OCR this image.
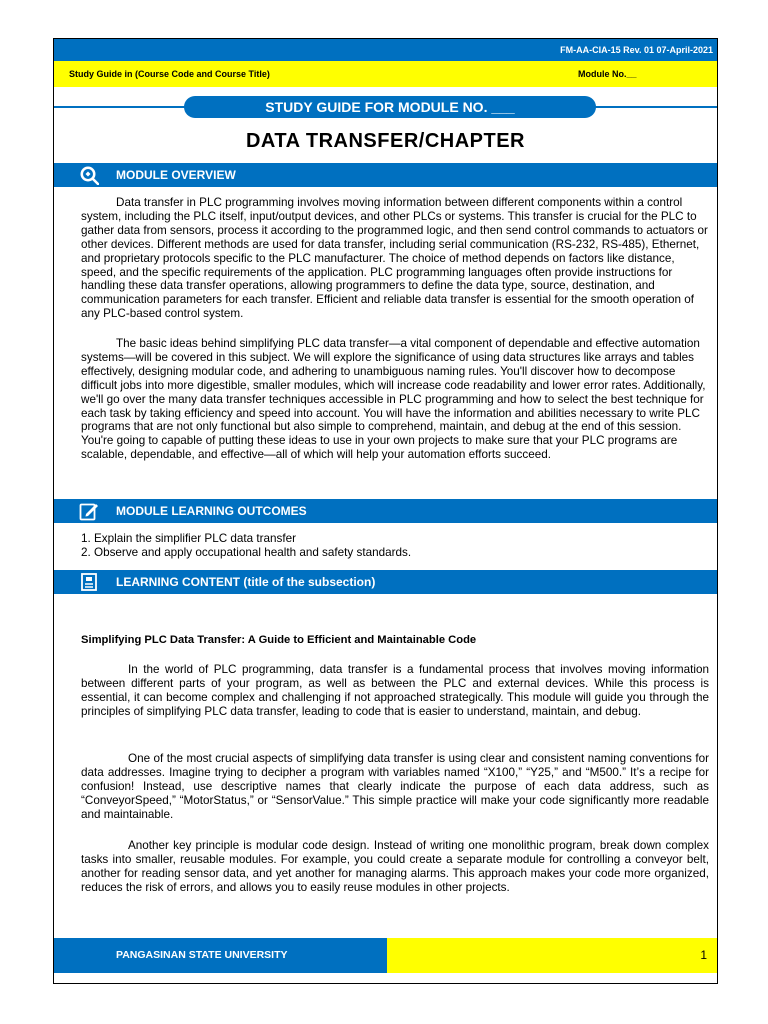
FM-AA-CIA-15 Rev. 01 07-April-2021
Study Guide in (Course Code and Course Title)	Module No.__
STUDY GUIDE FOR MODULE NO. ___
DATA TRANSFER/CHAPTER
MODULE OVERVIEW

Data transfer in PLC programming involves moving information between different components within a control system, including the PLC itself, input/output devices, and other PLCs or systems. This transfer is crucial for the PLC to gather data from sensors, process it according to the programmed logic, and then send control commands to actuators or other devices. Different methods are used for data transfer, including serial communication (RS-232, RS-485), Ethernet, and proprietary protocols specific to the PLC manufacturer. The choice of method depends on factors like distance, speed, and the specific requirements of the application. PLC programming languages often provide instructions for handling these data transfer operations, allowing programmers to define the data type, source, destination, and communication parameters for each transfer. Efficient and reliable data transfer is essential for the smooth operation of any PLC-based control system.

The basic ideas behind simplifying PLC data transfer—a vital component of dependable and effective automation systems—will be covered in this subject. We will explore the significance of using data structures like arrays and tables effectively, designing modular code, and adhering to unambiguous naming rules. You'll discover how to decompose difficult jobs into more digestible, smaller modules, which will increase code readability and lower error rates. Additionally, we'll go over the many data transfer techniques accessible in PLC programming and how to select the best technique for each task by taking efficiency and speed into account. You will have the information and abilities necessary to write PLC programs that are not only functional but also simple to comprehend, maintain, and debug at the end of this session. You're going to capable of putting these ideas to use in your own projects to make sure that your PLC programs are scalable, dependable, and effective—all of which will help your automation efforts succeed.

MODULE LEARNING OUTCOMES
1. Explain the simplifier PLC data transfer
2. Observe and apply occupational health and safety standards.
LEARNING CONTENT (title of the subsection)
Simplifying PLC Data Transfer: A Guide to Efficient and Maintainable Code

In the world of PLC programming, data transfer is a fundamental process that involves moving information between different parts of your program, as well as between the PLC and external devices. While this process is essential, it can become complex and challenging if not approached strategically. This module will guide you through the principles of simplifying PLC data transfer, leading to code that is easier to understand, maintain, and debug.

One of the most crucial aspects of simplifying data transfer is using clear and consistent naming conventions for data addresses. Imagine trying to decipher a program with variables named “X100,” “Y25,” and “M500.” It’s a recipe for confusion! Instead, use descriptive names that clearly indicate the purpose of each data address, such as “ConveyorSpeed,” “MotorStatus,” or “SensorValue.” This simple practice will make your code significantly more readable and maintainable.

Another key principle is modular code design. Instead of writing one monolithic program, break down complex tasks into smaller, reusable modules. For example, you could create a separate module for controlling a conveyor belt, another for reading sensor data, and yet another for managing alarms. This approach makes your code more organized, reduces the risk of errors, and allows you to easily reuse modules in other projects.

PANGASINAN STATE UNIVERSITY	1
